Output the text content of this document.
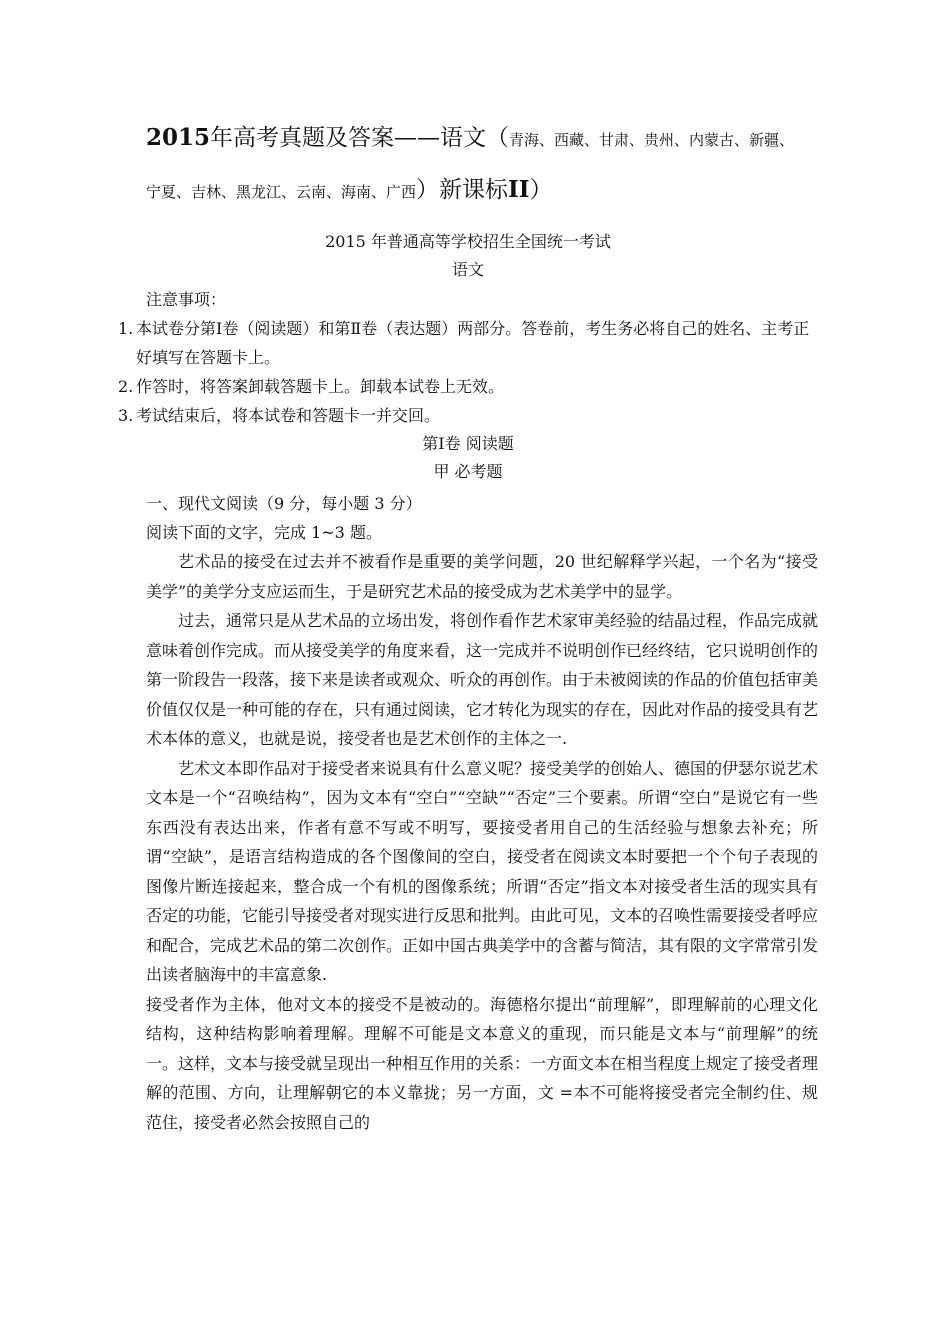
2015年高考真题及答案——语文（青海、西藏、甘肃、贵州、内蒙古、新疆、
宁夏、吉林、黑龙江、云南、海南、广西）新课标II）

2015 年普通高等学校招生全国统一考试

语文

注意事项：

1. 本试卷分第Ⅰ卷（阅读题）和第Ⅱ卷（表达题）两部分。答卷前，考生务必将自己的姓名、主考正好填写在答题卡上。
2. 作答时，将答案卸载答题卡上。卸载本试卷上无效。
3. 考试结束后，将本试卷和答题卡一并交回。

第Ⅰ卷 阅读题

甲 必考题

一、现代文阅读（9 分，每小题 3 分）

阅读下面的文字，完成 1~3 题。

艺术品的接受在过去并不被看作是重要的美学问题，20 世纪解释学兴起，一个名为“接受美学”的美学分支应运而生，于是研究艺术品的接受成为艺术美学中的显学。

过去，通常只是从艺术品的立场出发，将创作看作艺术家审美经验的结晶过程，作品完成就意味着创作完成。而从接受美学的角度来看，这一完成并不说明创作已经终结，它只说明创作的第一阶段告一段落，接下来是读者或观众、听众的再创作。由于未被阅读的作品的价值包括审美价值仅仅是一种可能的存在，只有通过阅读，它才转化为现实的存在，因此对作品的接受具有艺术本体的意义，也就是说，接受者也是艺术创作的主体之一.

艺术文本即作品对于接受者来说具有什么意义呢？接受美学的创始人、德国的伊瑟尔说艺术文本是一个“召唤结构”，因为文本有“空白”“空缺”“否定”三个要素。所谓“空白”是说它有一些东西没有表达出来，作者有意不写或不明写，要接受者用自己的生活经验与想象去补充；所谓“空缺”，是语言结构造成的各个图像间的空白，接受者在阅读文本时要把一个个句子表现的图像片断连接起来，整合成一个有机的图像系统；所谓“否定”指文本对接受者生活的现实具有否定的功能，它能引导接受者对现实进行反思和批判。由此可见，文本的召唤性需要接受者呼应和配合，完成艺术品的第二次创作。正如中国古典美学中的含蓄与简洁，其有限的文字常常引发出读者脑海中的丰富意象.

接受者作为主体，他对文本的接受不是被动的。海德格尔提出“前理解”，即理解前的心理文化结构，这种结构影响着理解。理解不可能是文本意义的重现，而只能是文本与“前理解”的统一。这样，文本与接受就呈现出一种相互作用的关系：一方面文本在相当程度上规定了接受者理解的范围、方向，让理解朝它的本义靠拢；另一方面，文 =本不可能将接受者完全制约住、规范住，接受者必然会按照自己的
